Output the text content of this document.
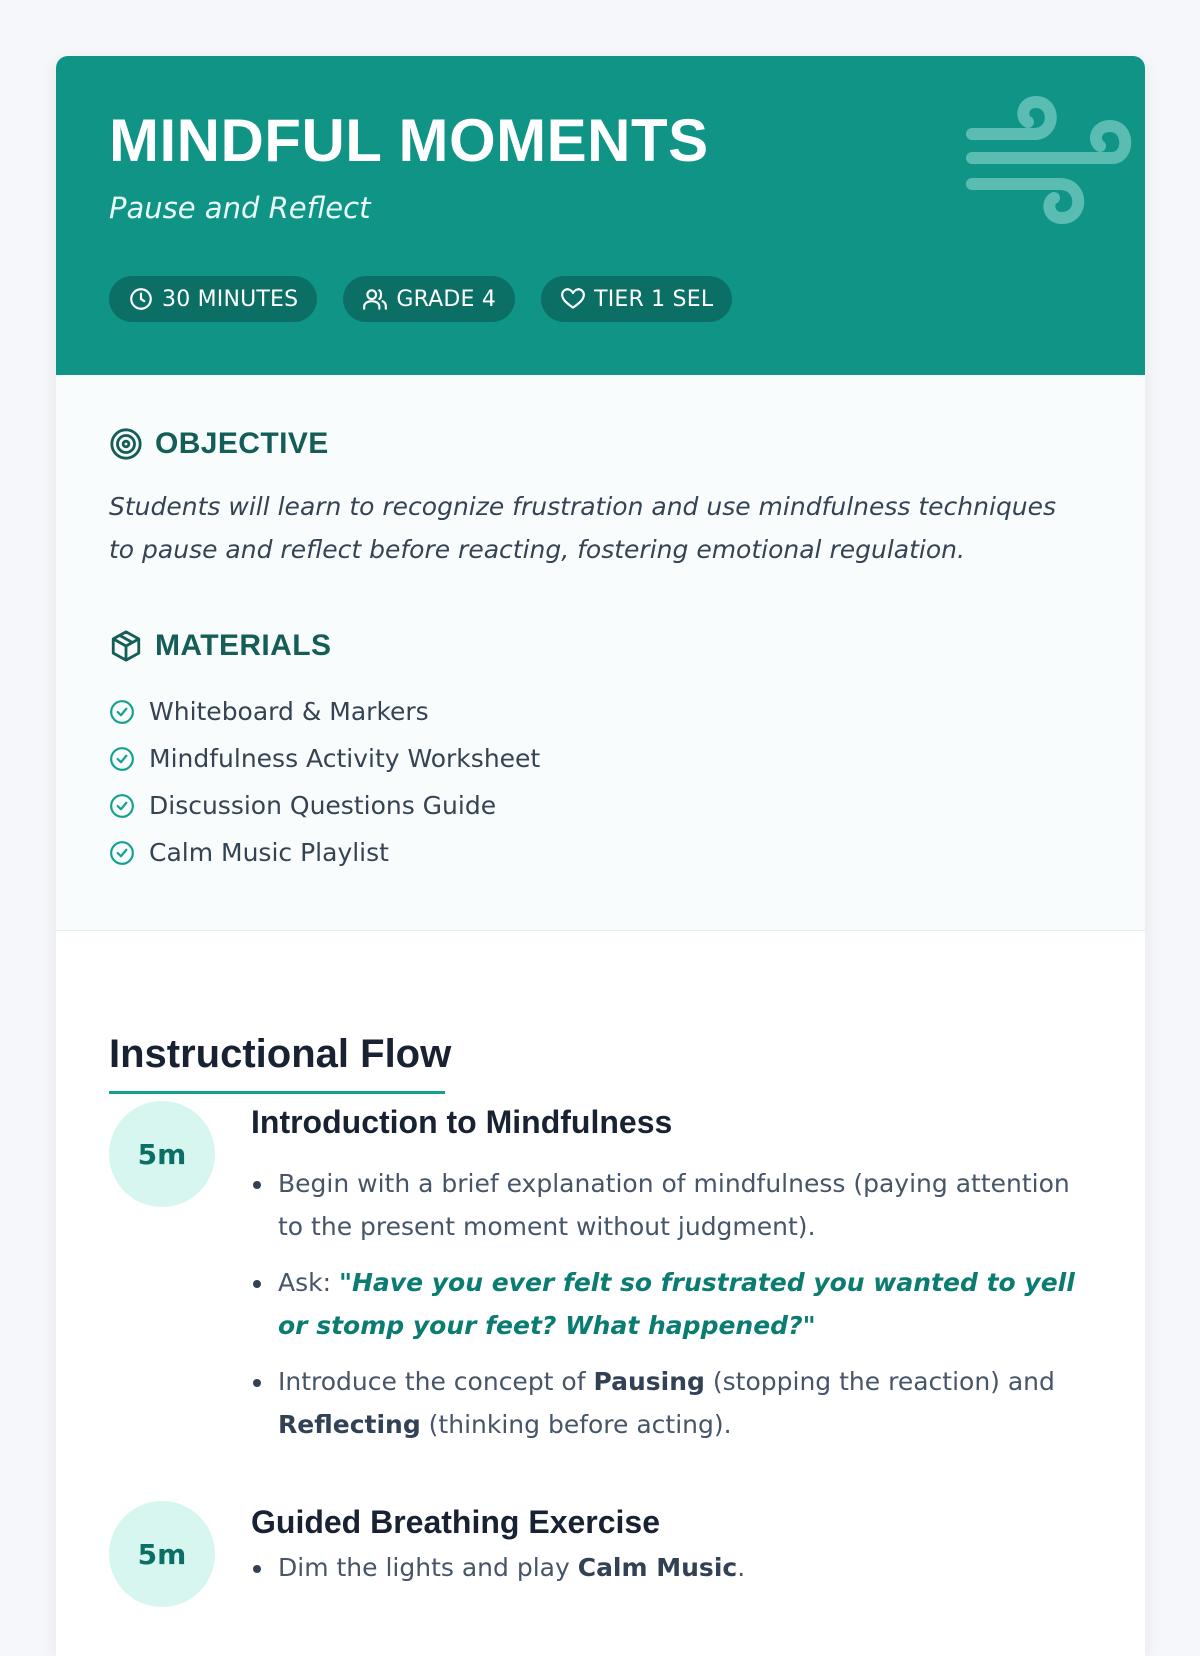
MINDFUL MOMENTS
Pause and Reflect
30 MINUTES	GRADE 4	TIER 1 SEL
OBJECTIVE

Students will learn to recognize frustration and use mindfulness techniques to pause and reflect before reacting, fostering emotional regulation.

MATERIALS
Whiteboard & Markers
Mindfulness Activity Worksheet
Discussion Questions Guide
Calm Music Playlist
Instructional Flow
5m
Introduction to Mindfulness
Begin with a brief explanation of mindfulness (paying attention to the present moment without judgment).
Ask: "Have you ever felt so frustrated you wanted to yell or stomp your feet? What happened?"
Introduce the concept of Pausing (stopping the reaction) and Reflecting (thinking before acting).
5m
Guided Breathing Exercise
Dim the lights and play Calm Music.
